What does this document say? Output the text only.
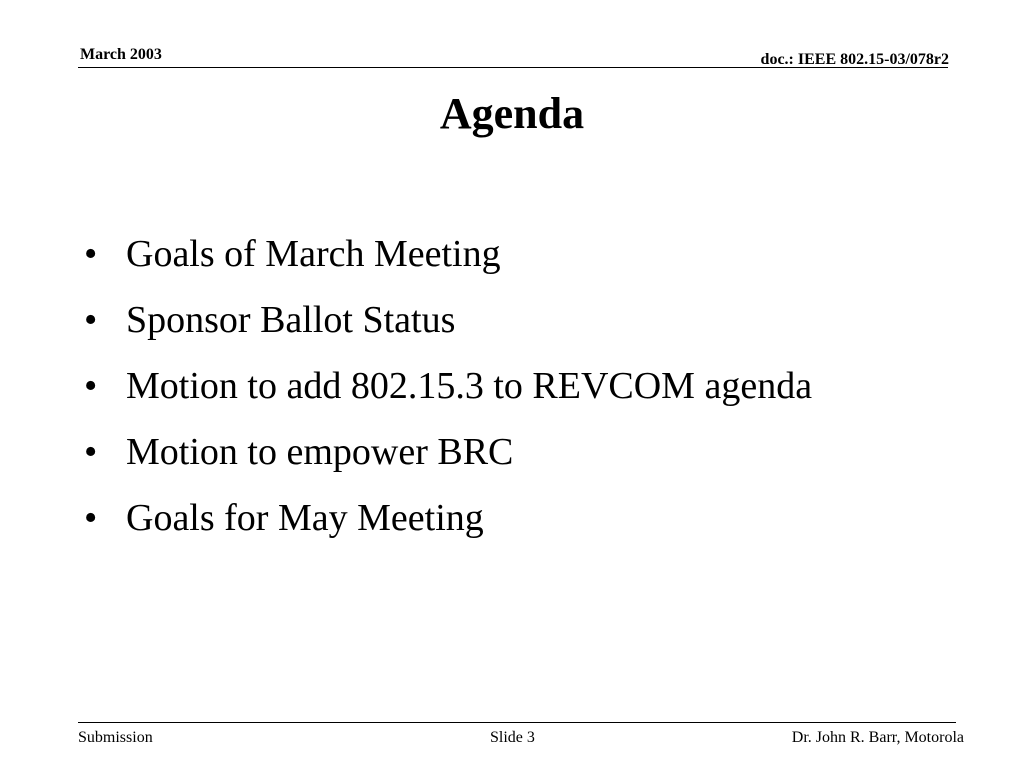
March 2003	doc.: IEEE 802.15-03/078r2
Agenda
• Goals of March Meeting
• Sponsor Ballot Status
• Motion to add 802.15.3 to REVCOM agenda
• Motion to empower BRC
• Goals for May Meeting
Submission	Slide 3	Dr. John R. Barr, Motorola
